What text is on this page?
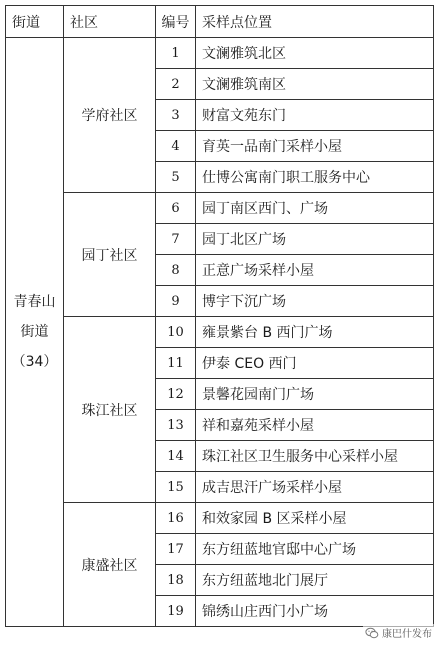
街道	社区	编号	采样点位置

青春山
街道
（34）	学府社区	1	文澜雅筑北区
		2	文澜雅筑南区
		3	财富文苑东门
		4	育英一品南门采样小屋
		5	仕博公寓南门职工服务中心
	园丁社区	6	园丁南区西门、广场
		7	园丁北区广场
		8	正意广场采样小屋
		9	博宇下沉广场
	珠江社区	10	雍景紫台 B 西门广场
		11	伊泰 CEO 西门
		12	景馨花园南门广场
		13	祥和嘉苑采样小屋
		14	珠江社区卫生服务中心采样小屋
		15	成吉思汗广场采样小屋
	康盛社区	16	和效家园 B 区采样小屋
		17	东方纽蓝地官邸中心广场
		18	东方纽蓝地北门展厅
		19	锦绣山庄西门小广场
康巴什发布
